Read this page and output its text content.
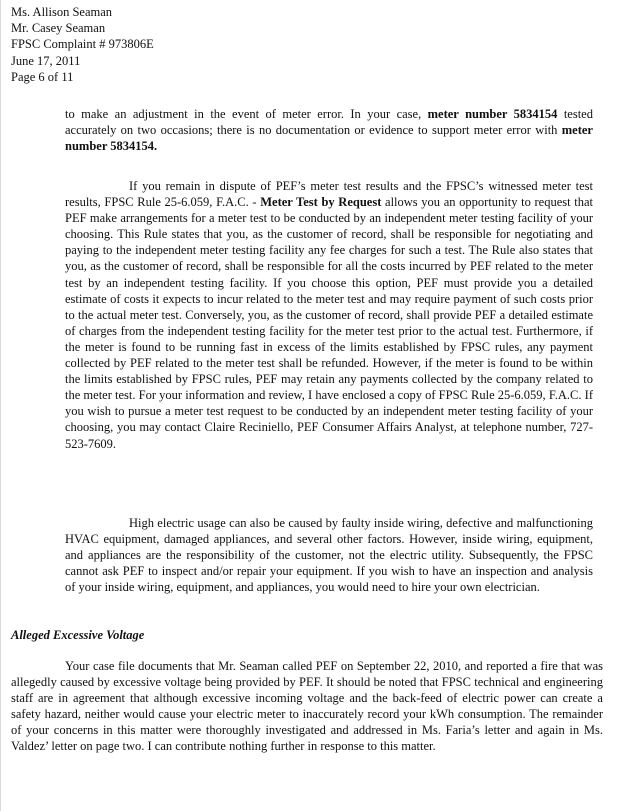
Ms. Allison Seaman
Mr. Casey Seaman
FPSC Complaint # 973806E
June 17, 2011
Page 6 of 11

to make an adjustment in the event of meter error. In your case, meter number 5834154 tested accurately on two occasions; there is no documentation or evidence to support meter error with meter number 5834154.

If you remain in dispute of PEF’s meter test results and the FPSC’s witnessed meter test results, FPSC Rule 25-6.059, F.A.C. - Meter Test by Request allows you an opportunity to request that PEF make arrangements for a meter test to be conducted by an independent meter testing facility of your choosing. This Rule states that you, as the customer of record, shall be responsible for negotiating and paying to the independent meter testing facility any fee charges for such a test. The Rule also states that you, as the customer of record, shall be responsible for all the costs incurred by PEF related to the meter test by an independent testing facility. If you choose this option, PEF must provide you a detailed estimate of costs it expects to incur related to the meter test and may require payment of such costs prior to the actual meter test. Conversely, you, as the customer of record, shall provide PEF a detailed estimate of charges from the independent testing facility for the meter test prior to the actual test. Furthermore, if the meter is found to be running fast in excess of the limits established by FPSC rules, any payment collected by PEF related to the meter test shall be refunded. However, if the meter is found to be within the limits established by FPSC rules, PEF may retain any payments collected by the company related to the meter test. For your information and review, I have enclosed a copy of FPSC Rule 25-6.059, F.A.C. If you wish to pursue a meter test request to be conducted by an independent meter testing facility of your choosing, you may contact Claire Reciniello, PEF Consumer Affairs Analyst, at telephone number, 727-523-7609.

High electric usage can also be caused by faulty inside wiring, defective and malfunctioning HVAC equipment, damaged appliances, and several other factors. However, inside wiring, equipment, and appliances are the responsibility of the customer, not the electric utility. Subsequently, the FPSC cannot ask PEF to inspect and/or repair your equipment. If you wish to have an inspection and analysis of your inside wiring, equipment, and appliances, you would need to hire your own electrician.

Alleged Excessive Voltage

Your case file documents that Mr. Seaman called PEF on September 22, 2010, and reported a fire that was allegedly caused by excessive voltage being provided by PEF. It should be noted that FPSC technical and engineering staff are in agreement that although excessive incoming voltage and the back-feed of electric power can create a safety hazard, neither would cause your electric meter to inaccurately record your kWh consumption. The remainder of your concerns in this matter were thoroughly investigated and addressed in Ms. Faria’s letter and again in Ms. Valdez’ letter on page two. I can contribute nothing further in response to this matter.
